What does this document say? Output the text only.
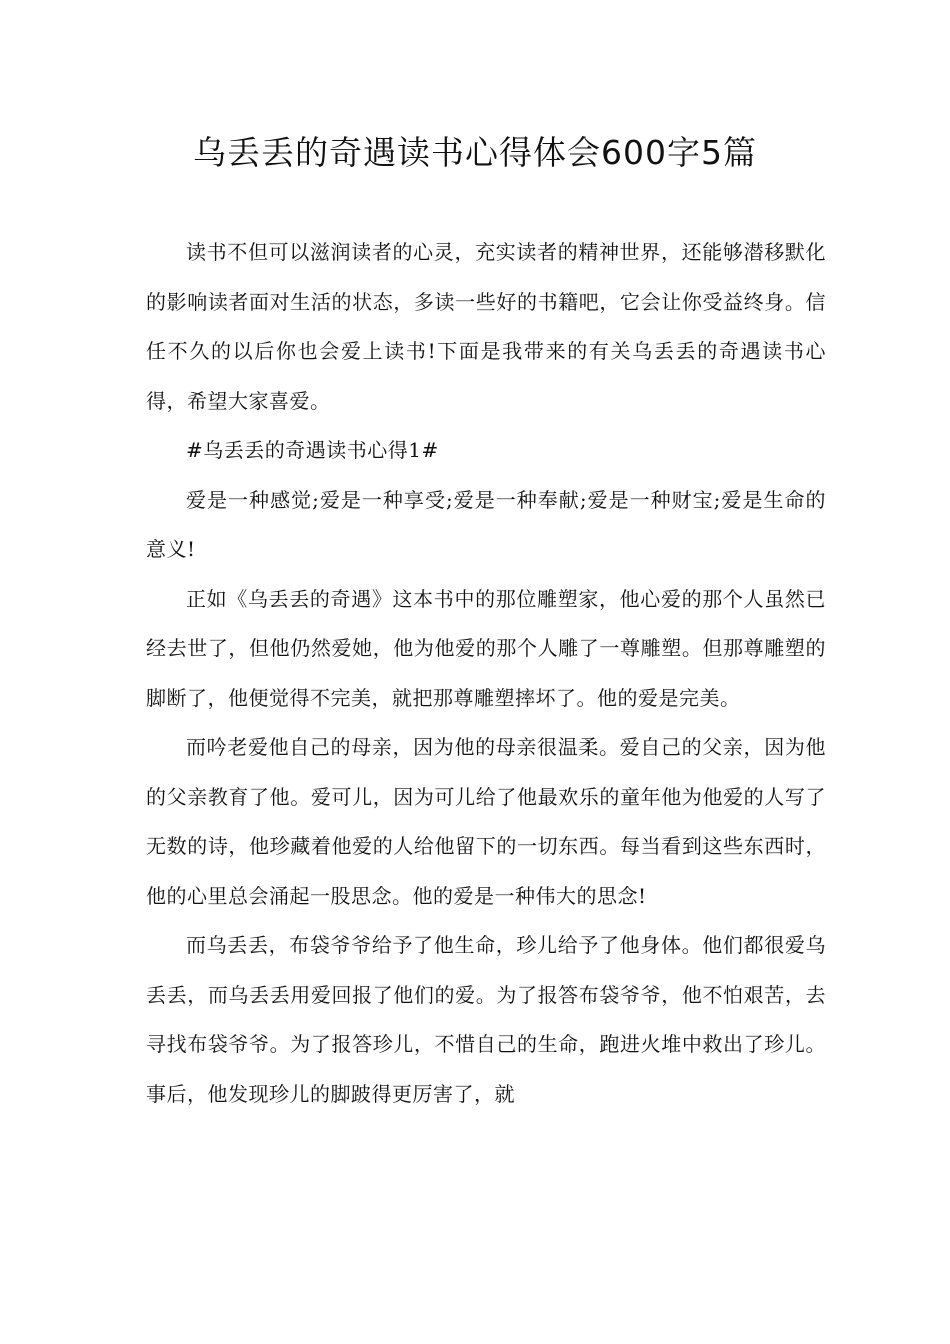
乌丢丢的奇遇读书心得体会600字5篇

读书不但可以滋润读者的心灵，充实读者的精神世界，还能够潜移默化的影响读者面对生活的状态，多读一些好的书籍吧，它会让你受益终身。信任不久的以后你也会爱上读书!下面是我带来的有关乌丢丢的奇遇读书心得，希望大家喜爱。

#乌丢丢的奇遇读书心得1#

爱是一种感觉;爱是一种享受;爱是一种奉献;爱是一种财宝;爱是生命的意义!

正如《乌丢丢的奇遇》这本书中的那位雕塑家，他心爱的那个人虽然已经去世了，但他仍然爱她，他为他爱的那个人雕了一尊雕塑。但那尊雕塑的脚断了，他便觉得不完美，就把那尊雕塑摔坏了。他的爱是完美。

而吟老爱他自己的母亲，因为他的母亲很温柔。爱自己的父亲，因为他的父亲教育了他。爱可儿，因为可儿给了他最欢乐的童年他为他爱的人写了无数的诗，他珍藏着他爱的人给他留下的一切东西。每当看到这些东西时，他的心里总会涌起一股思念。他的爱是一种伟大的思念!

而乌丢丢，布袋爷爷给予了他生命，珍儿给予了他身体。他们都很爱乌丢丢，而乌丢丢用爱回报了他们的爱。为了报答布袋爷爷，他不怕艰苦，去寻找布袋爷爷。为了报答珍儿，不惜自己的生命，跑进火堆中救出了珍儿。事后，他发现珍儿的脚跛得更厉害了，就
